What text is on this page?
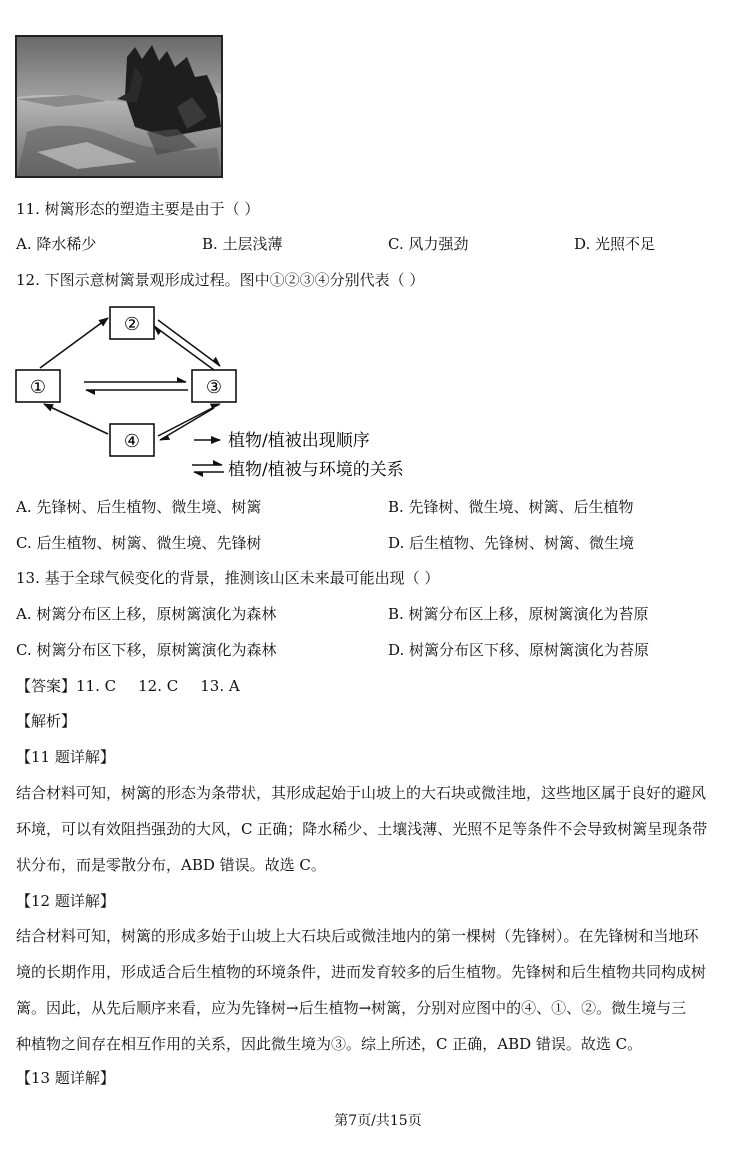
11. 树篱形态的塑造主要是由于（ ）
A. 降水稀少	B. 土层浅薄	C. 风力强劲	D. 光照不足
12. 下图示意树篱景观形成过程。图中①②③④分别代表（ ）
①
②
③
④	植物/植被出现顺序
植物/植被与环境的关系
A. 先锋树、后生植物、微生境、树篱	B. 先锋树、微生境、树篱、后生植物
C. 后生植物、树篱、微生境、先锋树	D. 后生植物、先锋树、树篱、微生境
13. 基于全球气候变化的背景，推测该山区未来最可能出现（ ）
A. 树篱分布区上移，原树篱演化为森林	B. 树篱分布区上移，原树篱演化为苔原
C. 树篱分布区下移，原树篱演化为森林	D. 树篱分布区下移、原树篱演化为苔原
【答案】11. C 12. C 13. A
【解析】
【11 题详解】
结合材料可知，树篱的形态为条带状，其形成起始于山坡上的大石块或微洼地，这些地区属于良好的避风
环境，可以有效阻挡强劲的大风，C 正确；降水稀少、土壤浅薄、光照不足等条件不会导致树篱呈现条带
状分布，而是零散分布，ABD 错误。故选 C。
【12 题详解】
结合材料可知，树篱的形成多始于山坡上大石块后或微洼地内的第一棵树（先锋树）。在先锋树和当地环
境的长期作用，形成适合后生植物的环境条件，进而发育较多的后生植物。先锋树和后生植物共同构成树
篱。因此，从先后顺序来看，应为先锋树→后生植物→树篱，分别对应图中的④、①、②。微生境与三
种植物之间存在相互作用的关系，因此微生境为③。综上所述，C 正确，ABD 错误。故选 C。
【13 题详解】
第7页/共15页
